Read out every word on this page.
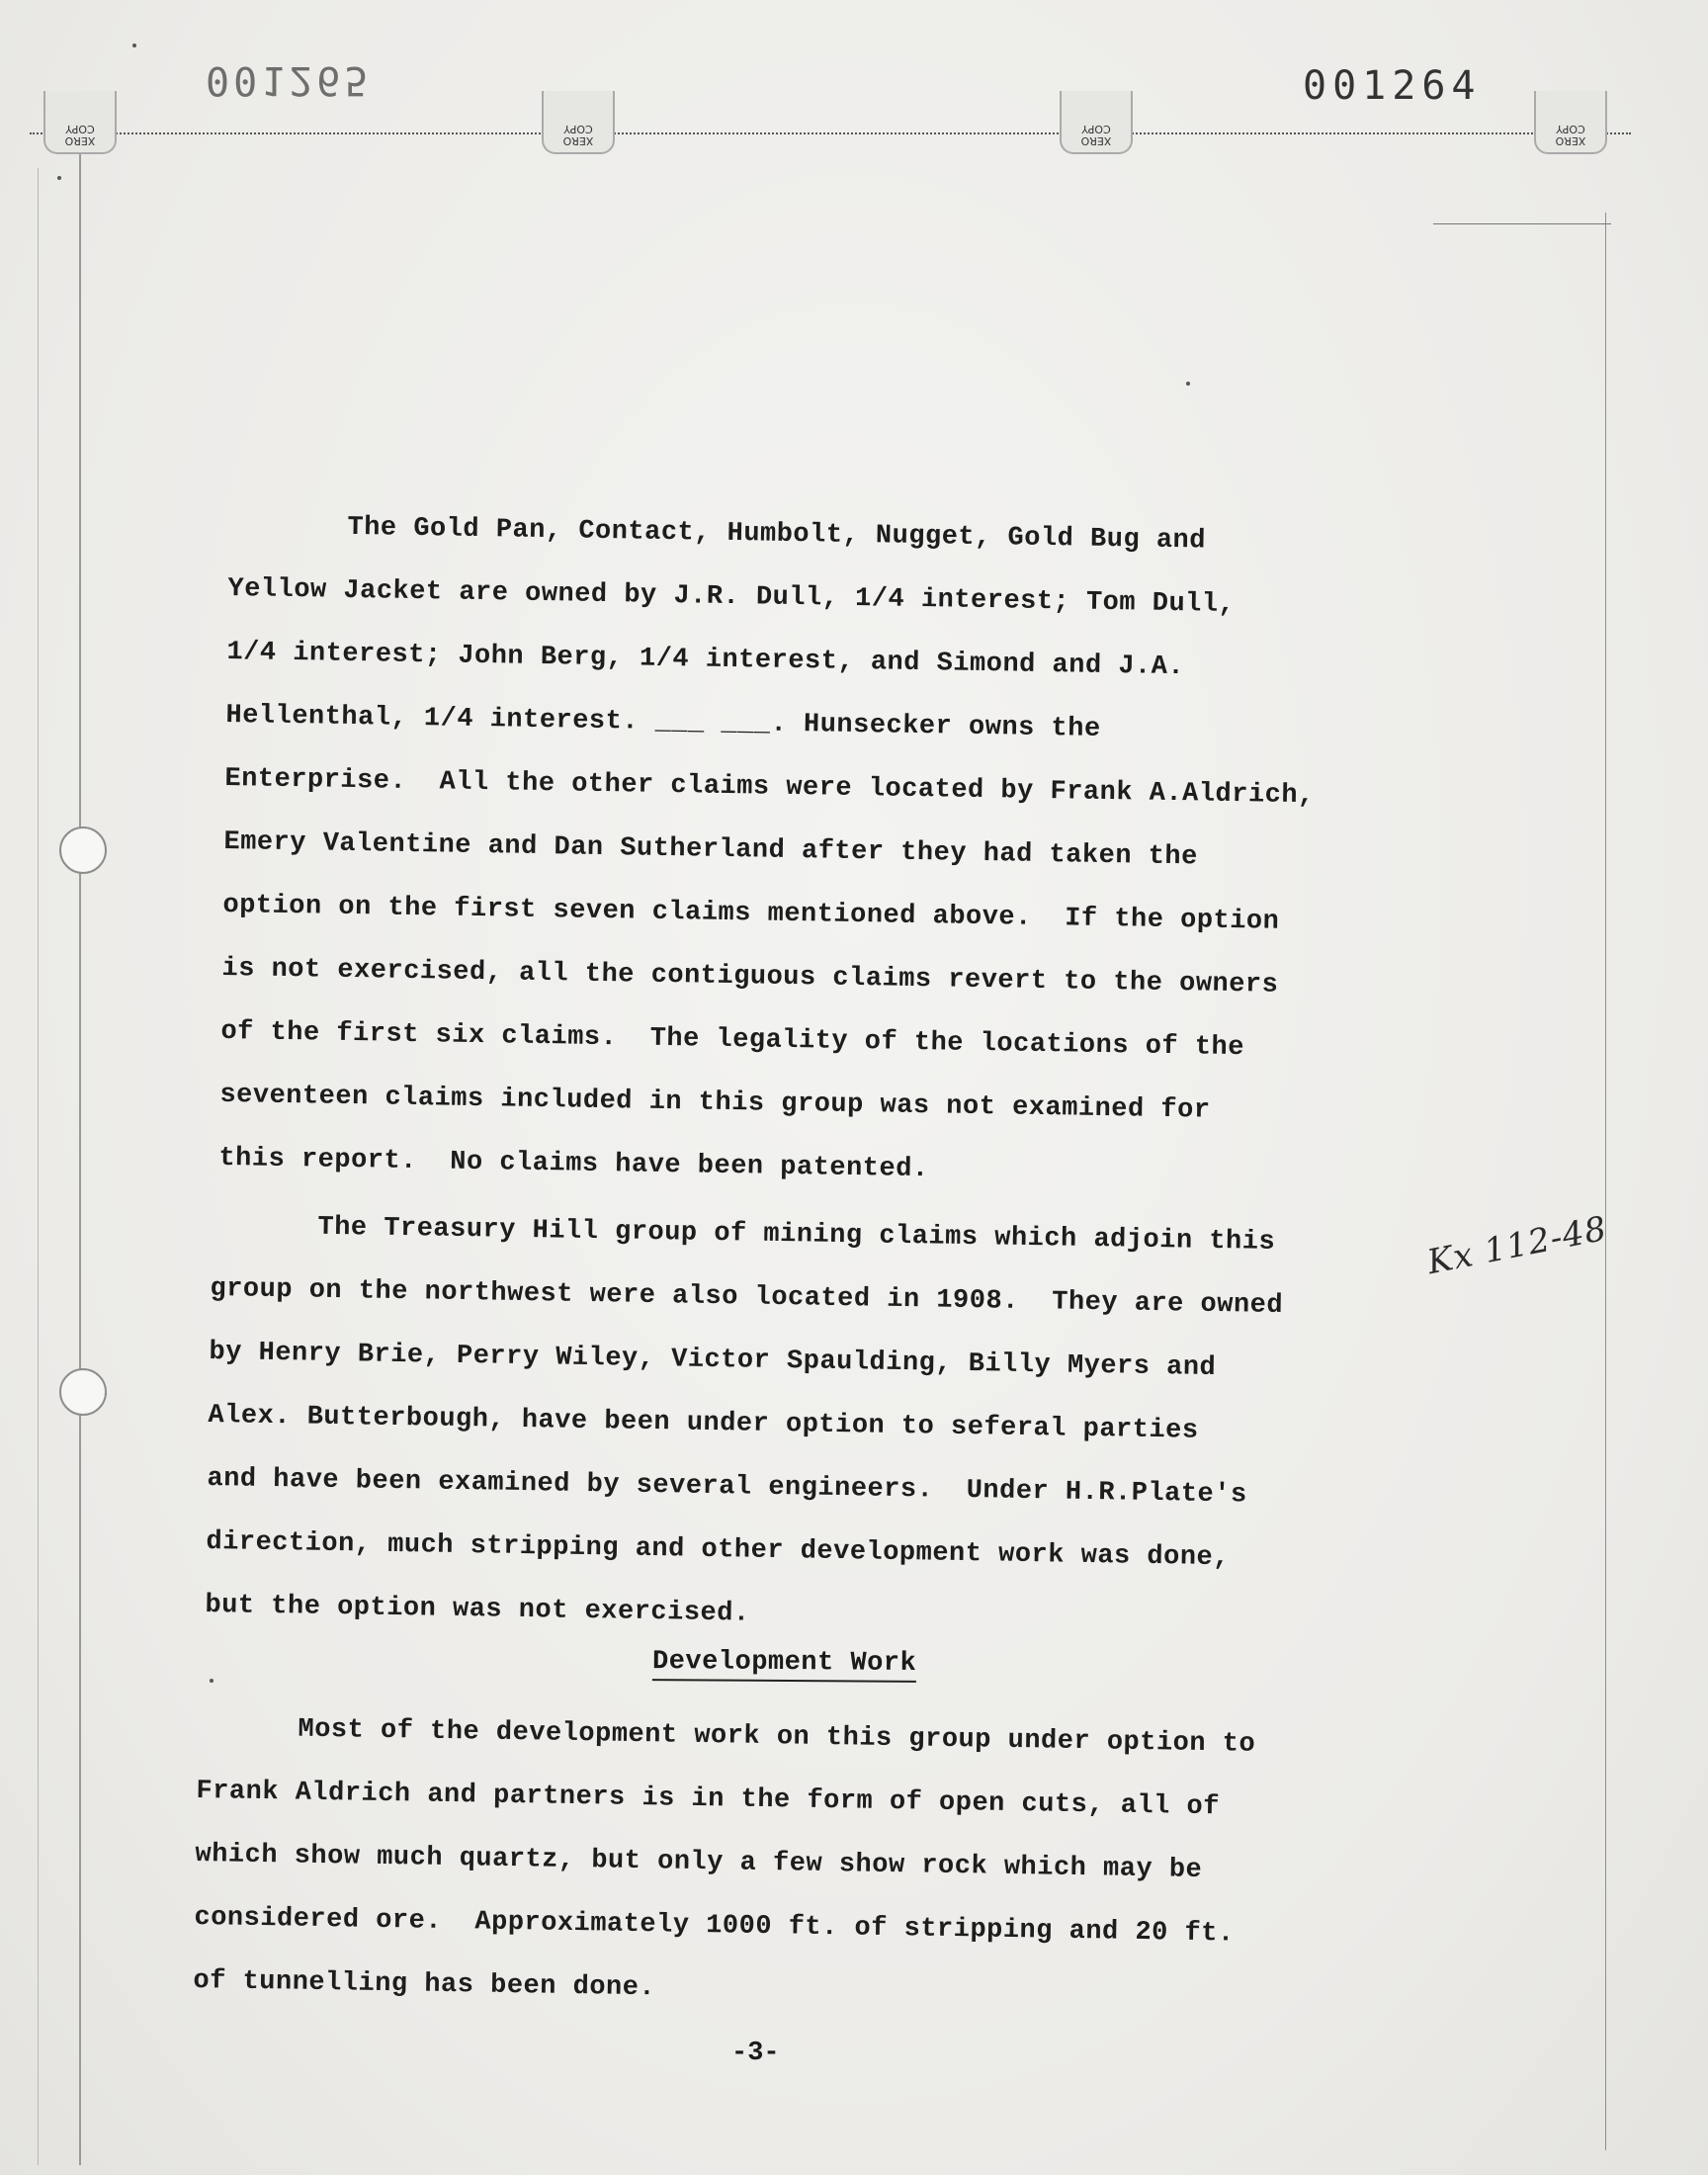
XERO
COPY
XERO
COPY
XERO
COPY
XERO
COPY
001265	001264
The Gold Pan, Contact, Humbolt, Nugget, Gold Bug and
Yellow Jacket are owned by J.R. Dull, 1/4 interest; Tom Dull,
1/4 interest; John Berg, 1/4 interest, and Simond and J.A.
Hellenthal, 1/4 interest. ___ ___. Hunsecker owns the
Enterprise.  All the other claims were located by Frank A.Aldrich,
Emery Valentine and Dan Sutherland after they had taken the
option on the first seven claims mentioned above.  If the option
is not exercised, all the contiguous claims revert to the owners
of the first six claims.  The legality of the locations of the
seventeen claims included in this group was not examined for
this report.  No claims have been patented.
The Treasury Hill group of mining claims which adjoin this
group on the northwest were also located in 1908.  They are owned
by Henry Brie, Perry Wiley, Victor Spaulding, Billy Myers and
Alex. Butterbough, have been under option to seferal parties
and have been examined by several engineers.  Under H.R.Plate's
direction, much stripping and other development work was done,
but the option was not exercised.
Development Work
Most of the development work on this group under option to
Frank Aldrich and partners is in the form of open cuts, all of
which show much quartz, but only a few show rock which may be
considered ore.  Approximately 1000 ft. of stripping and 20 ft.
of tunnelling has been done.
Kx 112-48
-3-
